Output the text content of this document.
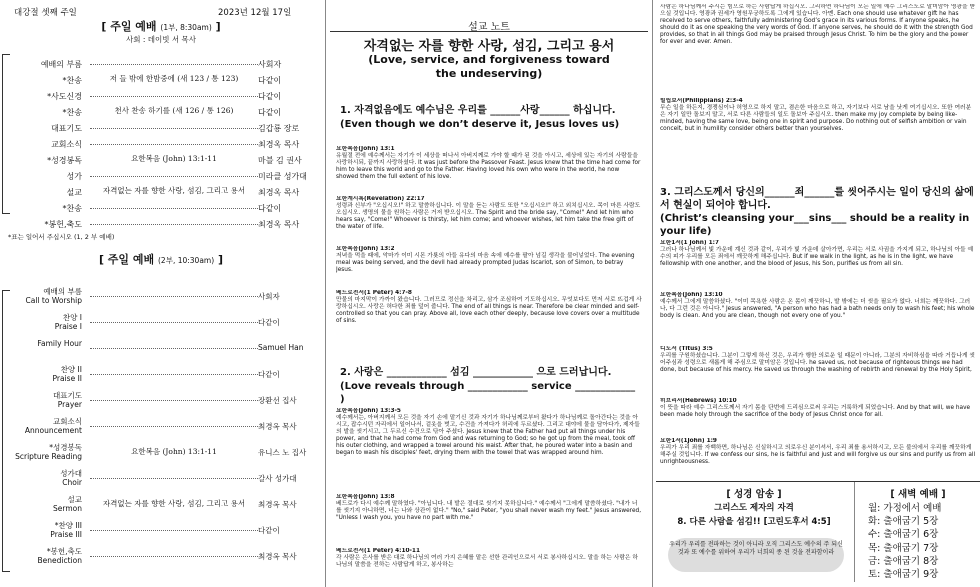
대강절 셋째 주일	2023년 12월 17일
[ 주일 예배 (1부, 8:30am) ]
사회 : 데이빗 서 목사
예배의 부름	사회자
*찬송	저 들 밖에 한밤중에 (새 123 / 통 123)	다같이
*사도신경	다같이
*찬송	천사 찬송 하기를 (새 126 / 통 126)	다같이
대표기도	김갑룡 장로
교회소식	최경옥 목사
*성경봉독	요한복음 (John) 13:1-11	마블 김 권사
성가	미라클 성가대
설교	자격없는 자를 향한 사랑, 섬김, 그리고 용서	최경옥 목사
*찬송	다같이
*봉헌,축도	최경옥 목사
*표는 일어서 주십시오 (1, 2 부 예배)
[ 주일 예배 (2부, 10:30am) ]
예배의 부름
Call to Worship	사회자
찬양 I
Praise I	다같이
Family Hour	Samuel Han
찬양 II
Praise II	다같이
대표기도
Prayer	장환선 집사
교회소식
Announcement	최경옥 목사
*성경봉독
Scripture Reading
요한복음 (John) 13:1-11	유니스 노 집사
성가대
Choir	갈사 성가대
설교
Sermon
자격없는 자를 향한 사랑, 섬김, 그리고 용서	최경옥 목사
*찬양 III
Praise III	다같이
*봉헌,축도
Benediction	최경옥 목사
설교 노트
자격없는 자를 향한 사랑, 섬김, 그리고 용서
(Love, service, and forgiveness toward the undeserving)
1. 자격없음에도 예수님은 우리를 ______사랑______ 하십니다.
(Even though we don’t deserve it, Jesus loves us)
요한복음(John) 13:1
유월절 전에 예수께서는 자기가 이 세상을 떠나서 아버지께로 가야 할 때가 된 것을 아시고, 세상에 있는 자기의 사람들을 사랑하시되, 끝까지 사랑하셨다. It was just before the Passover Feast. Jesus knew that the time had come for him to leave this world and go to the Father. Having loved his own who were in the world, he now showed them the full extent of his love.
요한계시록(Revelation) 22:17
성령과 신부가 "오십시오!" 하고 말씀하십니다. 이 말을 듣는 사람도 또한 "오십시오!" 하고 외치십시오. 목이 마른 사람도 오십시오. 생명의 물을 원하는 사람은 거저 받으십시오. The Spirit and the bride say, "Come!" And let him who hears say, "Come!" Whoever is thirsty, let him come; and whoever wishes, let him take the free gift of the water of life.
요한복음(John) 13:2
저녁을 먹을 때에, 악마가 이미 시몬 가룟의 아들 유다의 마음 속에 예수를 팔아 넘길 생각을 불어넣었다. The evening meal was being served, and the devil had already prompted Judas Iscariot, son of Simon, to betray Jesus.
베드로전서(1 Peter) 4:7-8
만물의 마지막이 가까이 왔습니다. 그러므로 정신을 차리고, 삼가 조심하여 기도하십시오. 무엇보다도 먼저 서로 뜨겁게 사랑하십시오. 사랑은 허다한 죄를 덮어 줍니다. The end of all things is near. Therefore be clear minded and self-controlled so that you can pray. Above all, love each other deeply, because love covers over a multitude of sins.
2. 사랑은 ____________ 섬김 ____________ 으로 드러납니다.
(Love reveals through ____________ service ____________ )
요한복음(John) 13:3-5
예수께서는, 아버지께서 모든 것을 자기 손에 맡기신 것과 자기가 하나님께로부터 왔다가 하나님께로 돌아간다는 것을 아시고, 잡수시던 자리에서 일어나서, 겉옷을 벗고, 수건을 가져다가 허리에 두르셨다. 그리고 대야에 물을 담아다가, 제자들의 발을 씻기시고, 그 두르신 수건으로 닦아 주셨다. Jesus knew that the Father had put all things under his power, and that he had come from God and was returning to God; so he got up from the meal, took off his outer clothing, and wrapped a towel around his waist. After that, he poured water into a basin and began to wash his disciples' feet, drying them with the towel that was wrapped around him.
요한복음(John) 13:8
베드로가 다시 예수께 말하였다. "아닙니다. 내 발은 절대로 씻기지 못하십니다." 예수께서 "그에게 말씀하셨다. "내가 너를 씻기지 아니하면, 너는 나와 상관이 없다." "No," said Peter, "you shall never wash my feet." Jesus answered, "Unless I wash you, you have no part with me."
베드로전서(1 Peter) 4:10-11
각 사람은 은사를 받은 대로 하나님의 여러 가지 은혜를 맡은 선한 관리인으로서 서로 봉사하십시오. 말을 하는 사람은 하나님의 말씀을 전하는 사람답게 하고, 봉사하는
사람은 하나님께서 주시는 힘으로 하는 사람답게 하십시오. 그리하면 하나님이 모든 일에 예수 그리스도로 말미암아 영광을 받으실 것입니다. 영광과 권세가 영원무궁하도록 그에게 있습니다. 아멘. Each one should use whatever gift he has received to serve others, faithfully administering God’s grace in its various forms. If anyone speaks, he should do it as one speaking the very words of God. If anyone serves, he should do it with the strength God provides, so that in all things God may be praised through Jesus Christ. To him be the glory and the power for ever and ever. Amen.
빌립보서(Philippians) 2:3-4
무슨 일을 하든지, 경쟁심이나 허영으로 하지 말고, 겸손한 마음으로 하고, 자기보다 서로 남을 낫게 여기십시오. 또한 여러분은 자기 일만 돌보지 말고, 서로 다른 사람들의 일도 돌보아 주십시오. then make my joy complete by being like-minded, having the same love, being one in spirit and purpose. Do nothing out of selfish ambition or vain conceit, but in humility consider others better than yourselves.
3. 그리스도께서 당신의______죄______를 씻어주시는 일이 당신의 삶에서 현실이 되어야 합니다.
(Christ’s cleansing your___sins___ should be a reality in your life)
요한1서(1 John) 1:7
그러나 하나님께서 빛 가운데 계신 것과 같이, 우리가 빛 가운데 살아가면, 우리는 서로 사귐을 가지게 되고, 하나님의 아들 예수의 피가 우리를 모든 죄에서 깨끗하게 해주십니다. But if we walk in the light, as he is in the light, we have fellowship with one another, and the blood of Jesus, his Son, purifies us from all sin.
요한복음(John) 13:10
예수께서 그에게 말씀하셨다. "이미 목욕한 사람은 온 몸이 깨끗하니, 발 밖에는 더 씻을 필요가 없다. 너희는 깨끗하다. 그러나, 다 그런 것은 아니다." Jesus answered, "A person who has had a bath needs only to wash his feet; his whole body is clean. And you are clean, though not every one of you."
디도서 (Titus) 3:5
우리를 구원하셨습니다. 그분이 그렇게 하신 것은, 우리가 행한 의로운 일 때문이 아니라, 그분의 자비하심을 따라 거듭나게 씻어주심과 성령으로 새롭게 해 주심으로 말미암은 것입니다. he saved us, not because of righteous things we had done, but because of his mercy. He saved us through the washing of rebirth and renewal by the Holy Spirit,
히브리서(Hebrews) 10:10
이 뜻을 따라 예수 그리스도께서 자기 몸을 단번에 드리심으로써 우리는 거룩하게 되었습니다. And by that will, we have been made holy through the sacrifice of the body of Jesus Christ once for all.
요한1서(1John) 1:9
우리가 우리 죄를 자백하면, 하나님은 신실하시고 의로우신 분이셔서, 우리 죄를 용서하시고, 모든 불의에서 우리를 깨끗하게 해주실 것입니다. If we confess our sins, he is faithful and just and will forgive us our sins and purify us from all unrighteousness.
[ 성경 암송 ]
그리스도 제자의 자격
8. 다른 사람을 섬김!! [고린도후서 4:5]
우리가 우리를 전파하는 것이 아니라 오직 그리스도 예수의 주 되신 것과 또 예수를 위하여 우리가 너희의 종 된 것을 전파함이라
[ 새벽 예배 ]
월: 가정에서 예배
화: 출애굽기 5장
수: 출애굽기 6장
목: 출애굽기 7장
금: 출애굽기 8장
토: 출애굽기 9장
